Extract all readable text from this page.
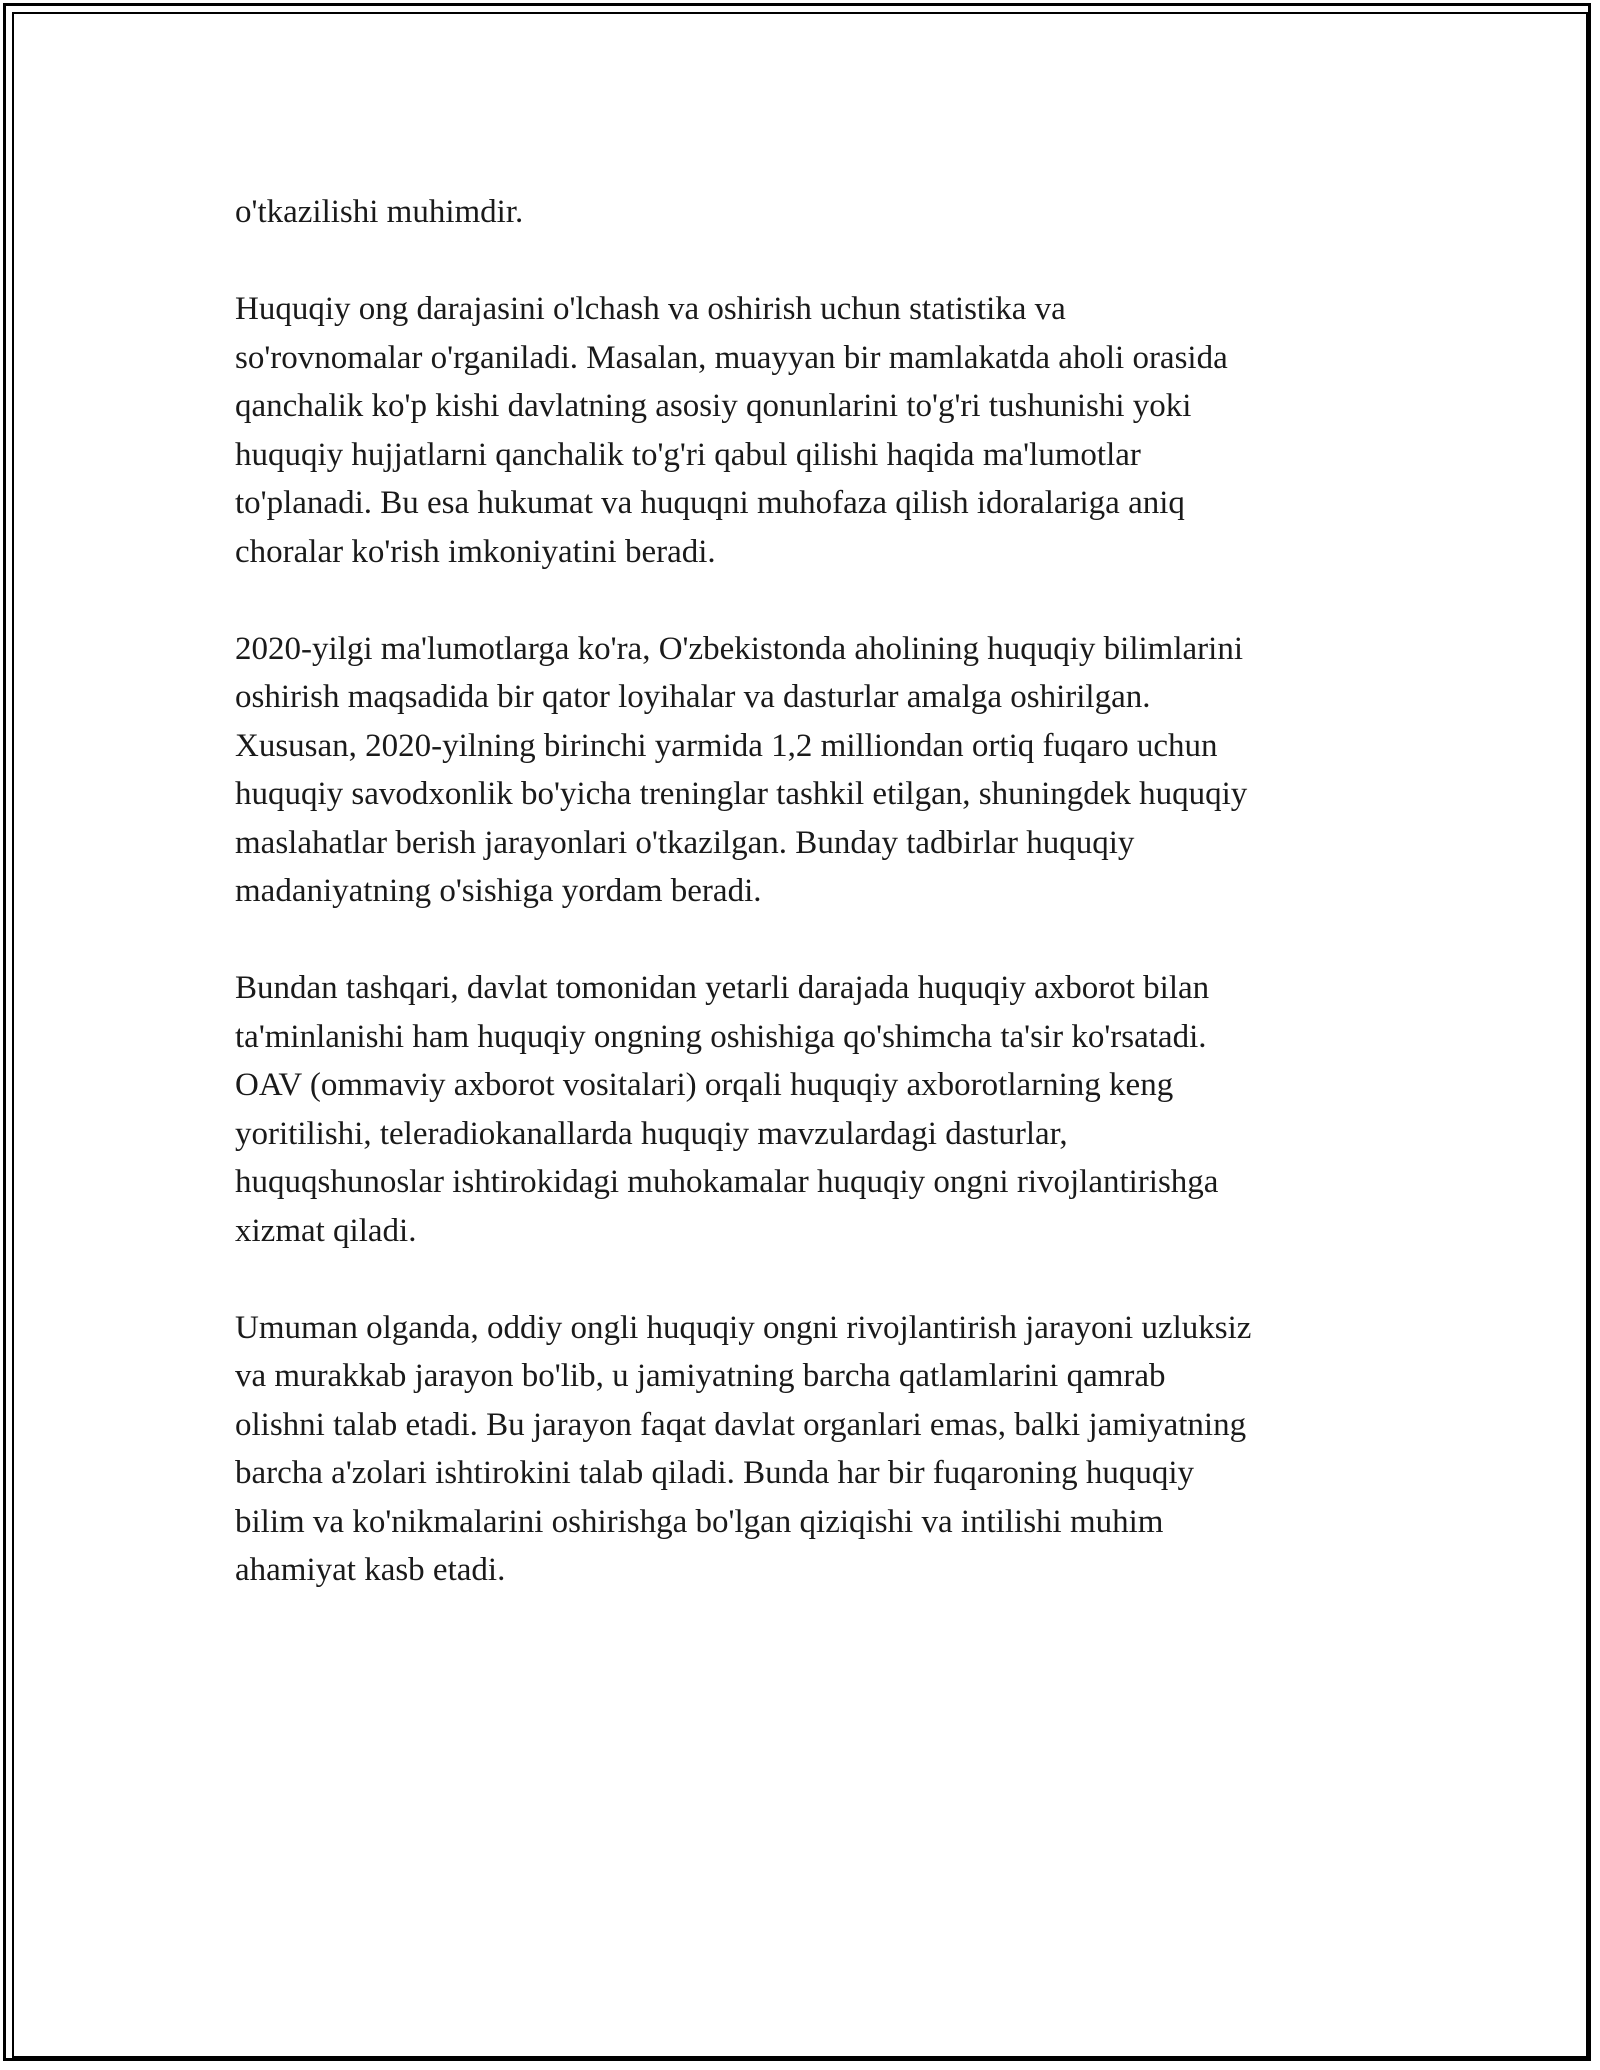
o'tkazilishi muhimdir.
Huquqiy ong darajasini o'lchash va oshirish uchun statistika va
so'rovnomalar o'rganiladi. Masalan, muayyan bir mamlakatda aholi orasida
qanchalik ko'p kishi davlatning asosiy qonunlarini to'g'ri tushunishi yoki
huquqiy hujjatlarni qanchalik to'g'ri qabul qilishi haqida ma'lumotlar
to'planadi. Bu esa hukumat va huquqni muhofaza qilish idoralariga aniq
choralar ko'rish imkoniyatini beradi.
2020-yilgi ma'lumotlarga ko'ra, O'zbekistonda aholining huquqiy bilimlarini
oshirish maqsadida bir qator loyihalar va dasturlar amalga oshirilgan.
Xususan, 2020-yilning birinchi yarmida 1,2 milliondan ortiq fuqaro uchun
huquqiy savodxonlik bo'yicha treninglar tashkil etilgan, shuningdek huquqiy
maslahatlar berish jarayonlari o'tkazilgan. Bunday tadbirlar huquqiy
madaniyatning o'sishiga yordam beradi.
Bundan tashqari, davlat tomonidan yetarli darajada huquqiy axborot bilan
ta'minlanishi ham huquqiy ongning oshishiga qo'shimcha ta'sir ko'rsatadi.
OAV (ommaviy axborot vositalari) orqali huquqiy axborotlarning keng
yoritilishi, teleradiokanallarda huquqiy mavzulardagi dasturlar,
huquqshunoslar ishtirokidagi muhokamalar huquqiy ongni rivojlantirishga
xizmat qiladi.
Umuman olganda, oddiy ongli huquqiy ongni rivojlantirish jarayoni uzluksiz
va murakkab jarayon bo'lib, u jamiyatning barcha qatlamlarini qamrab
olishni talab etadi. Bu jarayon faqat davlat organlari emas, balki jamiyatning
barcha a'zolari ishtirokini talab qiladi. Bunda har bir fuqaroning huquqiy
bilim va ko'nikmalarini oshirishga bo'lgan qiziqishi va intilishi muhim
ahamiyat kasb etadi.
